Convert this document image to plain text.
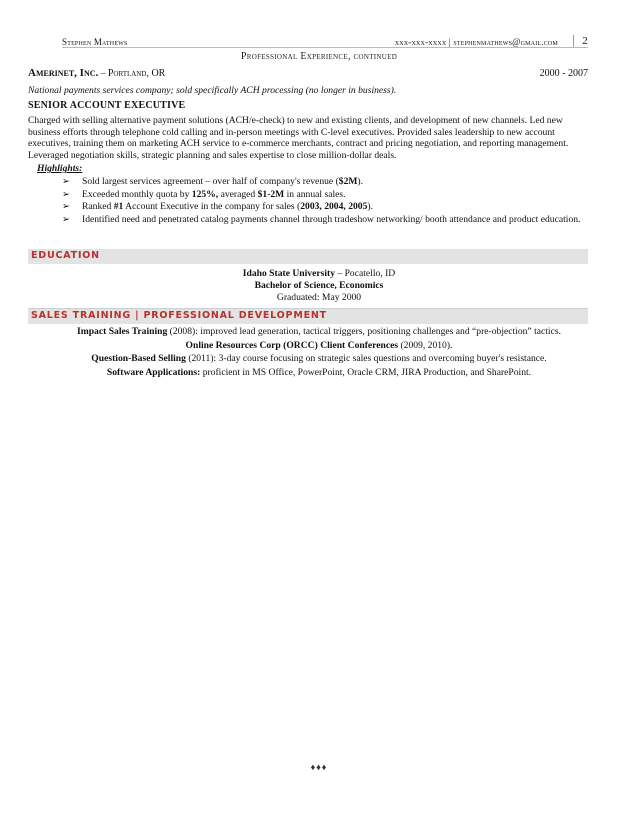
Stephen Mathews	xxx-xxx-xxxx | stephenmathews@gmail.com	2
Professional Experience, continued
Amerinet, Inc. – Portland, OR	2000 - 2007
National payments services company; sold specifically ACH processing (no longer in business).
SENIOR ACCOUNT EXECUTIVE
Charged with selling alternative payment solutions (ACH/e-check) to new and existing clients, and development of new channels. Led new business efforts through telephone cold calling and in-person meetings with C-level executives. Provided sales leadership to new account executives, training them on marketing ACH service to e-commerce merchants, contract and pricing negotiation, and reporting management. Leveraged negotiation skills, strategic planning and sales expertise to close million-dollar deals.
Highlights:
➢ Sold largest services agreement – over half of company's revenue ($2M).
➢ Exceeded monthly quota by 125%, averaged $1-2M in annual sales.
➢ Ranked #1 Account Executive in the company for sales (2003, 2004, 2005).
➢ Identified need and penetrated catalog payments channel through tradeshow networking/ booth attendance and product education.
EDUCATION
Idaho State University – Pocatello, ID
Bachelor of Science, Economics
Graduated: May 2000
SALES TRAINING | PROFESSIONAL DEVELOPMENT
Impact Sales Training (2008): improved lead generation, tactical triggers, positioning challenges and “pre-objection” tactics.
Online Resources Corp (ORCC) Client Conferences (2009, 2010).
Question-Based Selling (2011): 3-day course focusing on strategic sales questions and overcoming buyer's resistance.
Software Applications: proficient in MS Office, PowerPoint, Oracle CRM, JIRA Production, and SharePoint.
♦♦♦
